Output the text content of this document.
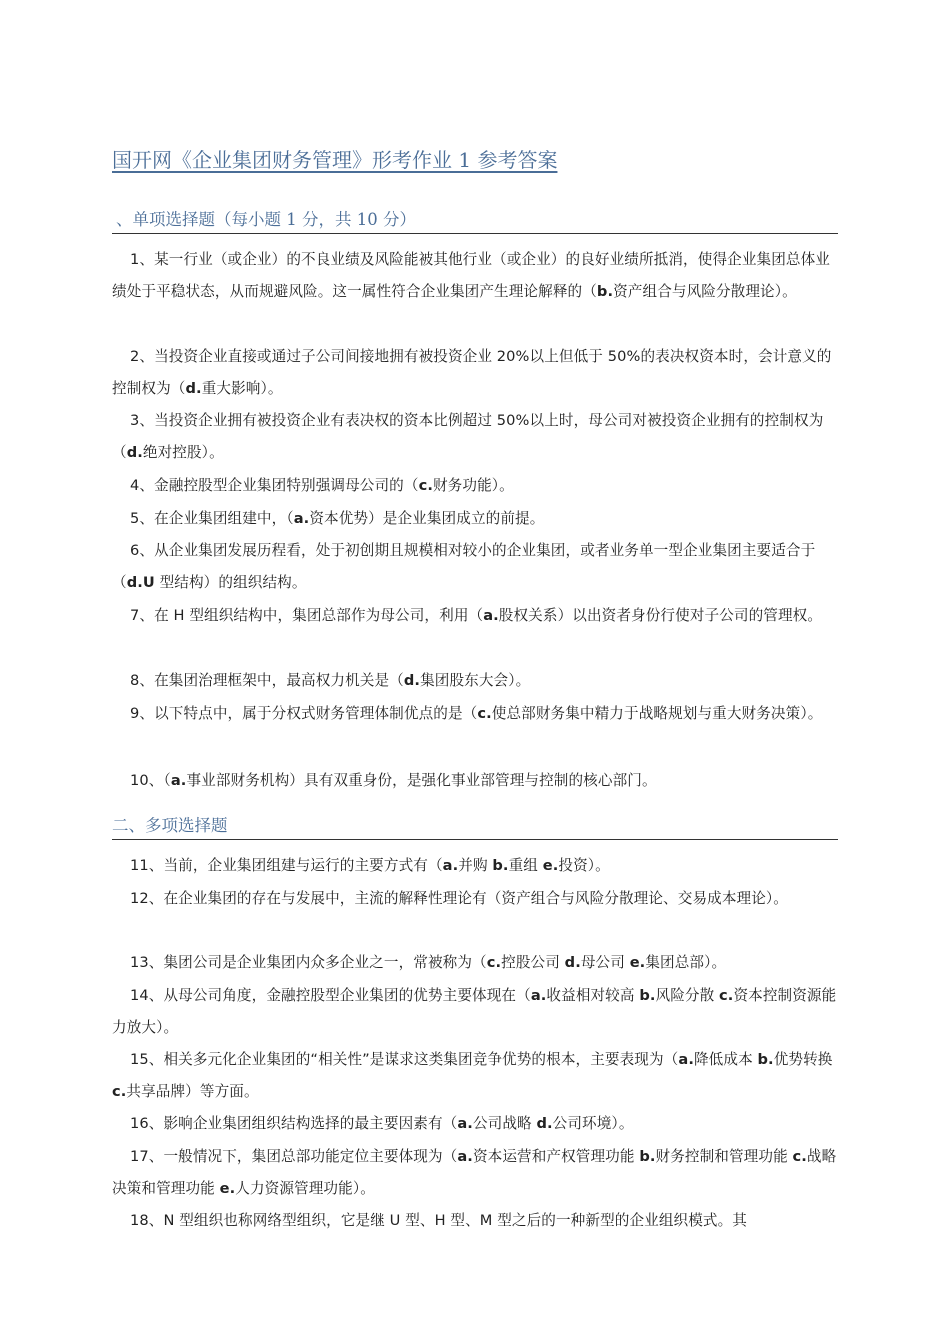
国开网《企业集团财务管理》形考作业 1 参考答案
、单项选择题（每小题 1 分，共 10 分）
1、某一行业（或企业）的不良业绩及风险能被其他行业（或企业）的良好业绩所抵消，使得企业集团总体业绩处于平稳状态，从而规避风险。这一属性符合企业集团产生理论解释的（b.资产组合与风险分散理论）。
2、当投资企业直接或通过子公司间接地拥有被投资企业 20%以上但低于 50%的表决权资本时，会计意义的控制权为（d.重大影响）。
3、当投资企业拥有被投资企业有表决权的资本比例超过 50%以上时，母公司对被投资企业拥有的控制权为（d.绝对控股）。
4、金融控股型企业集团特别强调母公司的（c.财务功能）。
5、在企业集团组建中，（a.资本优势）是企业集团成立的前提。
6、从企业集团发展历程看，处于初创期且规模相对较小的企业集团，或者业务单一型企业集团主要适合于（d.U 型结构）的组织结构。
7、在 H 型组织结构中，集团总部作为母公司，利用（a.股权关系）以出资者身份行使对子公司的管理权。
8、在集团治理框架中，最高权力机关是（d.集团股东大会）。
9、以下特点中，属于分权式财务管理体制优点的是（c.使总部财务集中精力于战略规划与重大财务决策）。
10、（a.事业部财务机构）具有双重身份，是强化事业部管理与控制的核心部门。
二、多项选择题
11、当前，企业集团组建与运行的主要方式有（a.并购 b.重组 e.投资）。
12、在企业集团的存在与发展中，主流的解释性理论有（资产组合与风险分散理论、交易成本理论）。
13、集团公司是企业集团内众多企业之一，常被称为（c.控股公司 d.母公司 e.集团总部）。
14、从母公司角度，金融控股型企业集团的优势主要体现在（a.收益相对较高 b.风险分散 c.资本控制资源能力放大）。
15、相关多元化企业集团的“相关性”是谋求这类集团竞争优势的根本，主要表现为（a.降低成本 b.优势转换 c.共享品牌）等方面。
16、影响企业集团组织结构选择的最主要因素有（a.公司战略 d.公司环境）。
17、一般情况下，集团总部功能定位主要体现为（a.资本运营和产权管理功能 b.财务控制和管理功能 c.战略决策和管理功能 e.人力资源管理功能）。
18、N 型组织也称网络型组织，它是继 U 型、H 型、M 型之后的一种新型的企业组织模式。其
